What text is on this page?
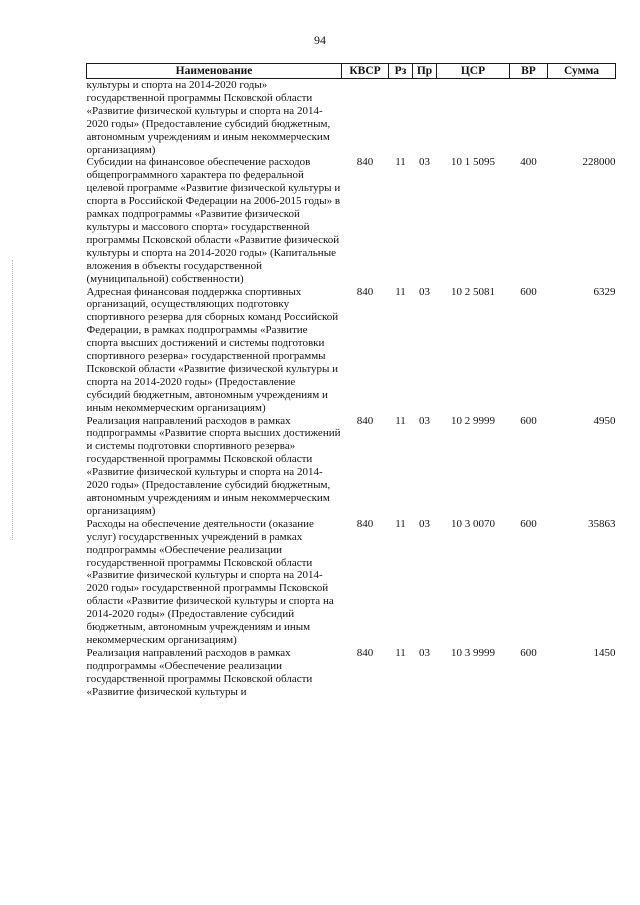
94
Наименование	КВСР	Рз	Пр	ЦСР	ВР	Сумма
культуры и спорта на 2014-2020 годы» государственной программы Псковской области «Развитие физической культуры и спорта на 2014-2020 годы» (Предоставление субсидий бюджетным, автономным учреждениям и иным некоммерческим организациям)						
Субсидии на финансовое обеспечение расходов общепрограммного характера по федеральной целевой программе «Развитие физической культуры и спорта в Российской Федерации на 2006-2015 годы» в рамках подпрограммы «Развитие физической культуры и массового спорта» государственной программы Псковской области «Развитие физической культуры и спорта на 2014-2020 годы» (Капитальные вложения в объекты государственной (муниципальной) собственности)	840	11	03	10 1 5095	400	228000
Адресная финансовая поддержка спортивных организаций, осуществляющих подготовку спортивного резерва для сборных команд Российской Федерации, в рамках подпрограммы «Развитие спорта высших достижений и системы подготовки спортивного резерва» государственной программы Псковской области «Развитие физической культуры и спорта на 2014-2020 годы» (Предоставление субсидий бюджетным, автономным учреждениям и иным некоммерческим организациям)	840	11	03	10 2 5081	600	6329
Реализация направлений расходов в рамках подпрограммы «Развитие спорта высших достижений и системы подготовки спортивного резерва» государственной программы Псковской области «Развитие физической культуры и спорта на 2014-2020 годы» (Предоставление субсидий бюджетным, автономным учреждениям и иным некоммерческим организациям)	840	11	03	10 2 9999	600	4950
Расходы на обеспечение деятельности (оказание услуг) государственных учреждений в рамках подпрограммы «Обеспечение реализации государственной программы Псковской области «Развитие физической культуры и спорта на 2014-2020 годы» государственной программы Псковской области «Развитие физической культуры и спорта на 2014-2020 годы» (Предоставление субсидий бюджетным, автономным учреждениям и иным некоммерческим организациям)	840	11	03	10 3 0070	600	35863
Реализация направлений расходов в рамках подпрограммы «Обеспечение реализации государственной программы Псковской области «Развитие физической культуры и	840	11	03	10 3 9999	600	1450
